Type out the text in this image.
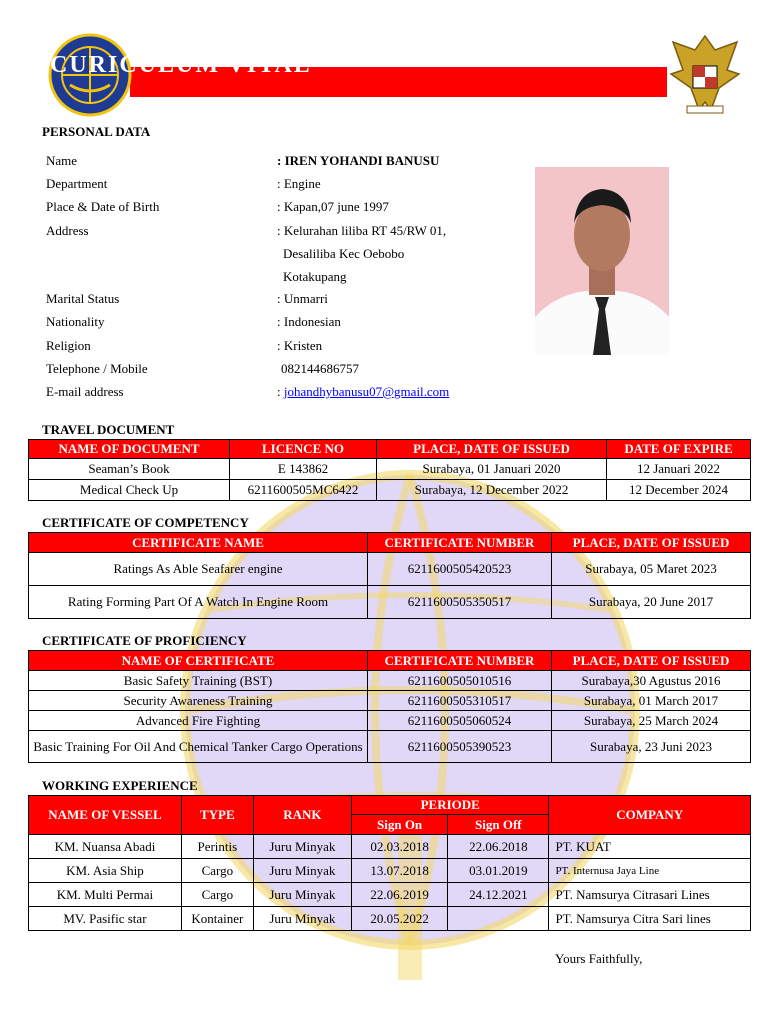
CURICULUM VITAE
PERSONAL DATA
Name	: IREN YOHANDI BANUSU
Department	: Engine
Place & Date of Birth	: Kapan,07 june 1997
Address	: Kelurahan liliba RT 45/RW 01,
Desaliliba Kec Oebobo
Kotakupang
Marital Status	: Unmarri
Nationality	: Indonesian
Religion	: Kristen
Telephone / Mobile	082144686757
E-mail address	: johandhybanusu07@gmail.com
TRAVEL DOCUMENT
NAME OF DOCUMENT	LICENCE NO	PLACE, DATE OF ISSUED	DATE OF EXPIRE
Seaman’s Book	E 143862	Surabaya, 01 Januari 2020	12 Januari 2022
Medical Check Up	6211600505MC6422	Surabaya, 12 December 2022	12 December 2024
CERTIFICATE OF COMPETENCY
CERTIFICATE NAME	CERTIFICATE NUMBER	PLACE, DATE OF ISSUED
Ratings As Able Seafarer engine	6211600505420523	Surabaya, 05 Maret 2023
Rating Forming Part Of A Watch In Engine Room	6211600505350517	Surabaya, 20 June 2017
CERTIFICATE OF PROFICIENCY
NAME OF CERTIFICATE	CERTIFICATE NUMBER	PLACE, DATE OF ISSUED
Basic Safety Training (BST)	6211600505010516	Surabaya,30 Agustus 2016
Security Awareness Training	6211600505310517	Surabaya, 01 March 2017
Advanced Fire Fighting	6211600505060524	Surabaya, 25 March 2024
Basic Training For Oil And Chemical Tanker Cargo Operations	6211600505390523	Surabaya, 23 Juni 2023
WORKING EXPERIENCE
NAME OF VESSEL	TYPE	RANK	PERIODE		COMPANY
			Sign On	Sign Off	
KM. Nuansa Abadi	Perintis	Juru Minyak	02.03.2018	22.06.2018	PT. KUAT
KM. Asia Ship	Cargo	Juru Minyak	13.07.2018	03.01.2019	PT. Internusa Jaya Line
KM. Multi Permai	Cargo	Juru Minyak	22.06.2019	24.12.2021	PT. Namsurya Citrasari Lines
MV. Pasific star	Kontainer	Juru Minyak	20.05.2022		PT. Namsurya Citra Sari lines
Yours Faithfully,
